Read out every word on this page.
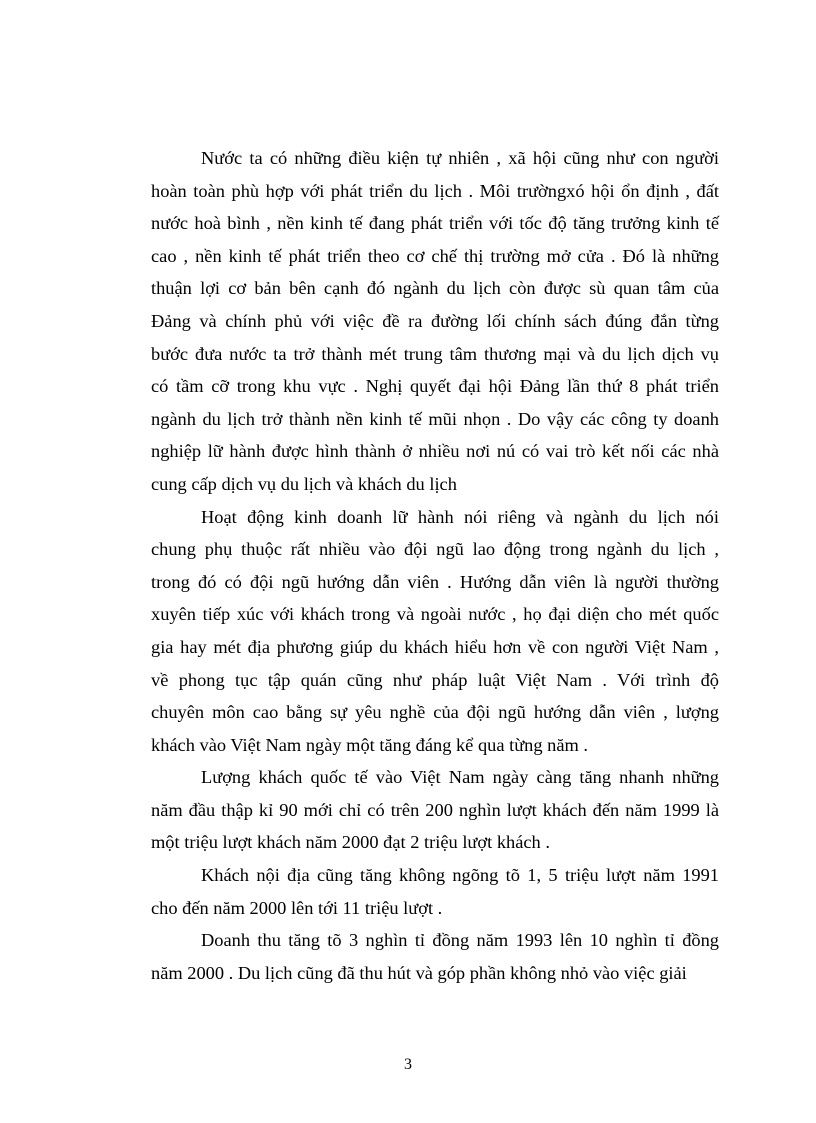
Nước ta có những điều kiện tự nhiên , xã hội cũng như con người
hoàn toàn phù hợp với phát triển du lịch . Môi trườngxó hội ổn định , đất
nước hoà bình , nền kinh tế đang phát triển với tốc độ tăng trưởng kinh tế
cao , nền kinh tế phát triển theo cơ chế thị trường mở cửa . Đó là những
thuận lợi cơ bản bên cạnh đó ngành du lịch còn được sù quan tâm của
Đảng và chính phủ với việc đề ra đường lối chính sách đúng đắn từng
bước đưa nước ta trở thành mét trung tâm thương mại và du lịch dịch vụ
có tầm cỡ trong khu vực . Nghị quyết đại hội Đảng lần thứ 8 phát triển
ngành du lịch trở thành nền kinh tế mũi nhọn . Do vậy các công ty doanh
nghiệp lữ hành được hình thành ở nhiều nơi nú có vai trò kết nối các nhà
cung cấp dịch vụ du lịch và khách du lịch
Hoạt động kinh doanh lữ hành nói riêng và ngành du lịch nói
chung phụ thuộc rất nhiều vào đội ngũ lao động trong ngành du lịch ,
trong đó có đội ngũ hướng dẫn viên . Hướng dẫn viên là người thường
xuyên tiếp xúc với khách trong và ngoài nước , họ đại diện cho mét quốc
gia hay mét địa phương giúp du khách hiểu hơn về con người Việt Nam ,
về phong tục tập quán cũng như pháp luật Việt Nam . Với trình độ
chuyên môn cao bằng sự yêu nghề của đội ngũ hướng dẫn viên , lượng
khách vào Việt Nam ngày một tăng đáng kể qua từng năm .
Lượng khách quốc tế vào Việt Nam ngày càng tăng nhanh những
năm đầu thập kỉ 90 mới chỉ có trên 200 nghìn lượt khách đến năm 1999 là
một triệu lượt khách năm 2000 đạt 2 triệu lượt khách .
Khách nội địa cũng tăng không ngõng tõ 1, 5 triệu lượt năm 1991
cho đến năm 2000 lên tới 11 triệu lượt .
Doanh thu tăng tõ 3 nghìn tỉ đồng năm 1993 lên 10 nghìn tỉ đồng
năm 2000 . Du lịch cũng đã thu hút và góp phần không nhỏ vào việc giải
3
